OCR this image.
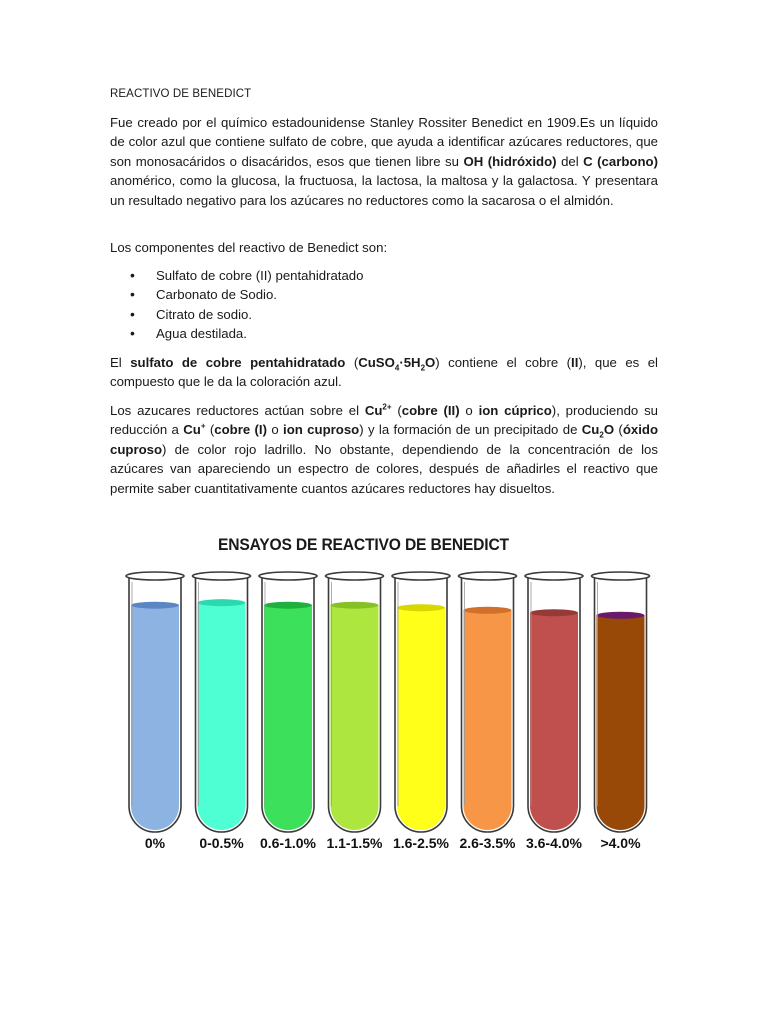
REACTIVO DE BENEDICT

Fue creado por el químico estadounidense Stanley Rossiter Benedict en 1909.Es un líquido de color azul que contiene sulfato de cobre, que ayuda a identificar azúcares reductores, que son monosacáridos o disacáridos, esos que tienen libre su OH (hidróxido) del C (carbono) anomérico, como la glucosa, la fructuosa, la lactosa, la maltosa y la galactosa. Y presentara un resultado negativo para los azúcares no reductores como la sacarosa o el almidón.

Los componentes del reactivo de Benedict son:

• Sulfato de cobre (II) pentahidratado
• Carbonato de Sodio.
• Citrato de sodio.
• Agua destilada.

El sulfato de cobre pentahidratado $(CuSO_4\cdot 5H_2O)$ contiene el cobre (II), que es el compuesto que le da la coloración azul.

Los azucares reductores actúan sobre el $Cu^{2+}$ (cobre (II) o ion cúprico), produciendo su reducción a Cu+ (cobre (I) o ion cuproso) y la formación de un precipitado de $Cu_2O$ (óxido cuproso) de color rojo ladrillo. No obstante, dependiendo de la concentración de los azúcares van apareciendo un espectro de colores, después de añadirles el reactivo que permite saber cuantitativamente cuantos azúcares reductores hay disueltos.

ENSAYOS DE REACTIVO DE BENEDICT
0% 0-0.5% 0.6-1.0% 1.1-1.5% 1.6-2.5% 2.6-3.5% 3.6-4.0% >4.0%
